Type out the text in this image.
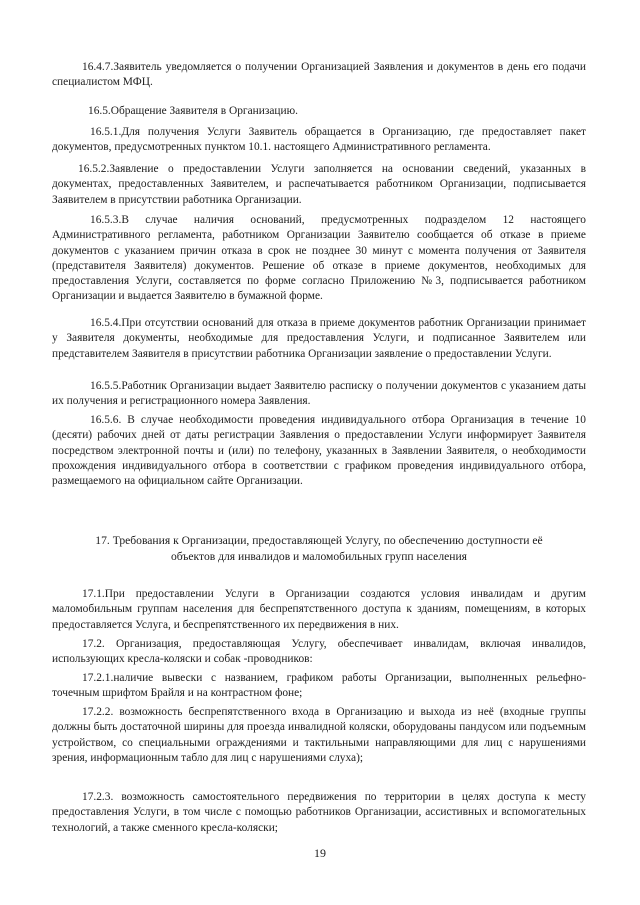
16.4.7.Заявитель уведомляется о получении Организацией Заявления и документов в день его подачи специалистом МФЦ.

16.5.Обращение Заявителя в Организацию.

16.5.1.Для получения Услуги Заявитель обращается в Организацию, где предоставляет пакет документов, предусмотренных пунктом 10.1. настоящего Административного регламента.

16.5.2.Заявление о предоставлении Услуги заполняется на основании сведений, указанных в документах, предоставленных Заявителем, и распечатывается работником Организации, подписывается Заявителем в присутствии работника Организации.

16.5.3.В случае наличия оснований, предусмотренных подразделом 12 настоящего Административного регламента, работником Организации Заявителю сообщается об отказе в приеме документов с указанием причин отказа в срок не позднее 30 минут с момента получения от Заявителя (представителя Заявителя) документов. Решение об отказе в приеме документов, необходимых для предоставления Услуги, составляется по форме согласно Приложению №3, подписывается работником Организации и выдается Заявителю в бумажной форме.

16.5.4.При отсутствии оснований для отказа в приеме документов работник Организации принимает у Заявителя документы, необходимые для предоставления Услуги, и подписанное Заявителем или представителем Заявителя в присутствии работника Организации заявление о предоставлении Услуги.

16.5.5.Работник Организации выдает Заявителю расписку о получении документов с указанием даты их получения и регистрационного номера Заявления.

16.5.6. В случае необходимости проведения индивидуального отбора Организация в течение 10 (десяти) рабочих дней от даты регистрации Заявления о предоставлении Услуги информирует Заявителя посредством электронной почты и (или) по телефону, указанных в Заявлении Заявителя, о необходимости прохождения индивидуального отбора в соответствии с графиком проведения индивидуального отбора, размещаемого на официальном сайте Организации.

17. Требования к Организации, предоставляющей Услугу, по обеспечению доступности её
объектов для инвалидов и маломобильных групп населения

17.1.При предоставлении Услуги в Организации создаются условия инвалидам и другим маломобильным группам населения для беспрепятственного доступа к зданиям, помещениям, в которых предоставляется Услуга, и беспрепятственного их передвижения в них.

17.2. Организация, предоставляющая Услугу, обеспечивает инвалидам, включая инвалидов, использующих кресла-коляски и собак -проводников:

17.2.1.наличие вывески с названием, графиком работы Организации, выполненных рельефно-точечным шрифтом Брайля и на контрастном фоне;

17.2.2. возможность беспрепятственного входа в Организацию и выхода из неё (входные группы должны быть достаточной ширины для проезда инвалидной коляски, оборудованы пандусом или подъемным устройством, со специальными ограждениями и тактильными направляющими для лиц с нарушениями зрения, информационным табло для лиц с нарушениями слуха);

17.2.3. возможность самостоятельного передвижения по территории в целях доступа к месту предоставления Услуги, в том числе с помощью работников Организации, ассистивных и вспомогательных технологий, а также сменного кресла-коляски;

19
